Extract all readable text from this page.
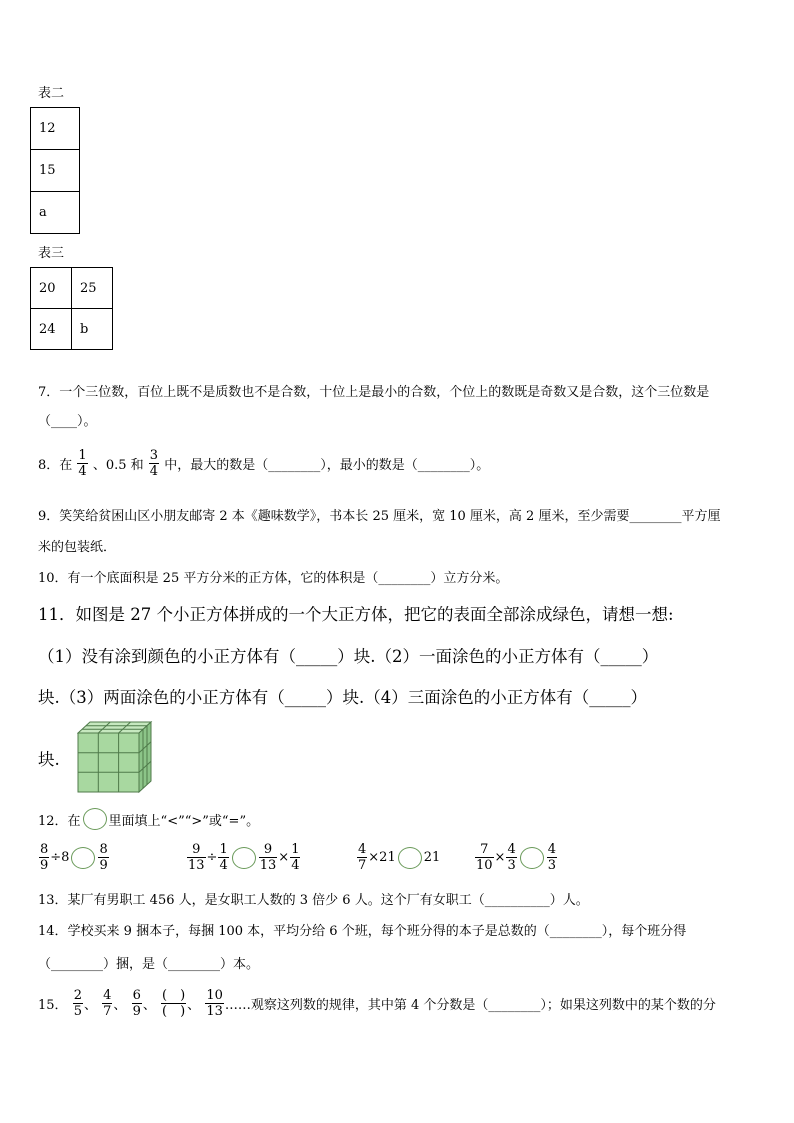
表二
12
15
a
表三
20	25
24	b
7．一个三位数，百位上既不是质数也不是合数，十位上是最小的合数，个位上的数既是奇数又是合数，这个三位数是
（____）。
8．在 $\frac{1}{4}$ 、0.5 和 $\frac{3}{4}$ 中，最大的数是（________），最小的数是（________）。
9．笑笑给贫困山区小朋友邮寄 2 本《趣味数学》，书本长 25 厘米，宽 10 厘米，高 2 厘米，至少需要________平方厘
米的包装纸．
10．有一个底面积是 25 平方分米的正方体，它的体积是（________）立方分米。
11．如图是 27 个小正方体拼成的一个大正方体，把它的表面全部涂成绿色，请想一想:
（1）没有涂到颜色的小正方体有（_____）块.（2）一面涂色的小正方体有（_____）
块.（3）两面涂色的小正方体有（_____）块.（4）三面涂色的小正方体有（_____）
块.
12．在 里面填上“<”“>”或“=”。
$\frac{8}{9} \div 8 \frac{8}{9}$	$\frac{9}{13} \div \frac{1}{4} \frac{9}{13} \times \frac{1}{4}$	$\frac{4}{7} \times 21$ 21	$\frac{7}{10} \times \frac{4}{3} \frac{4}{3}$
13．某厂有男职工 456 人，是女职工人数的 3 倍少 6 人。这个厂有女职工（__________）人。
14．学校买来 9 捆本子，每捆 100 本，平均分给 6 个班，每个班分得的本子是总数的（________），每个班分得
（________）捆，是（________）本。
15． $\frac{2}{5}$ 、 $\frac{4}{7}$ 、 $\frac{6}{9}$ 、 $\frac{( )}{( )}$ 、 $\frac{10}{13}$ ……观察这列数的规律，其中第 4 个分数是（________）；如果这列数中的某个数的分
